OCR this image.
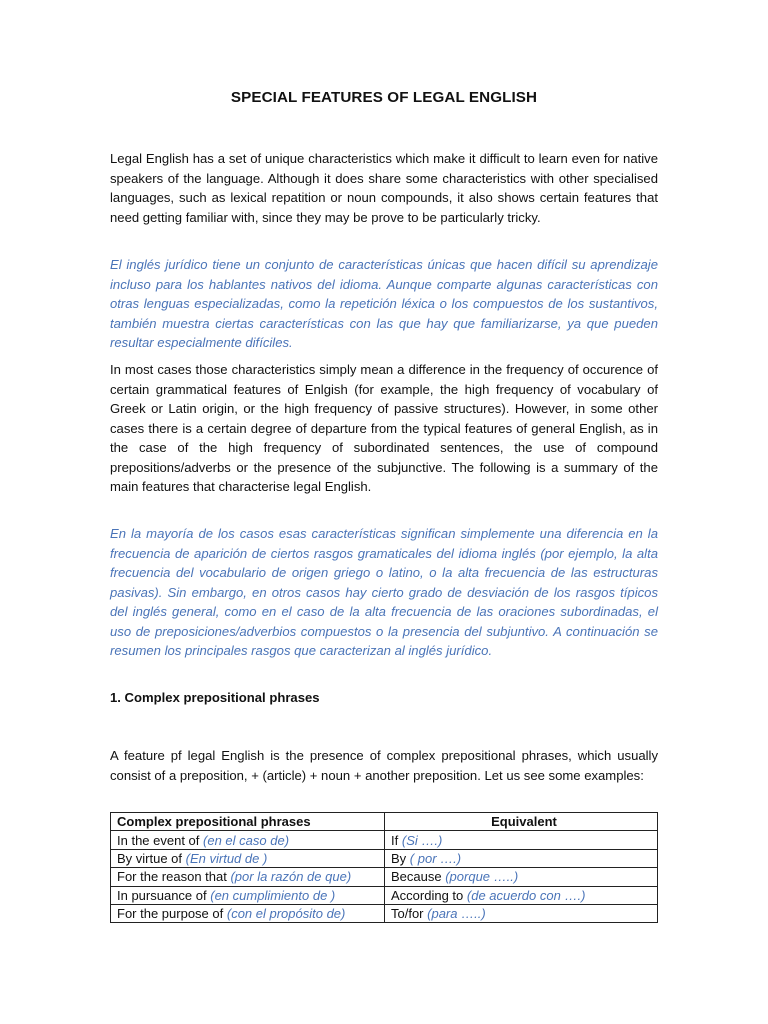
SPECIAL FEATURES OF LEGAL ENGLISH

Legal English has a set of unique characteristics which make it difficult to learn even for native speakers of the language. Although it does share some characteristics with other specialised languages, such as lexical repatition or noun compounds, it also shows certain features that need getting familiar with, since they may be prove to be particularly tricky.

El inglés jurídico tiene un conjunto de características únicas que hacen difícil su aprendizaje incluso para los hablantes nativos del idioma. Aunque comparte algunas características con otras lenguas especializadas, como la repetición léxica o los compuestos de los sustantivos, también muestra ciertas características con las que hay que familiarizarse, ya que pueden resultar especialmente difíciles.

In most cases those characteristics simply mean a difference in the frequency of occurence of certain grammatical features of Enlgish (for example, the high frequency of vocabulary of Greek or Latin origin, or the high frequency of passive structures). However, in some other cases there is a certain degree of departure from the typical features of general English, as in the case of the high frequency of subordinated sentences, the use of compound prepositions/adverbs or the presence of the subjunctive. The following is a summary of the main features that characterise legal English.

En la mayoría de los casos esas características significan simplemente una diferencia en la frecuencia de aparición de ciertos rasgos gramaticales del idioma inglés (por ejemplo, la alta frecuencia del vocabulario de origen griego o latino, o la alta frecuencia de las estructuras pasivas). Sin embargo, en otros casos hay cierto grado de desviación de los rasgos típicos del inglés general, como en el caso de la alta frecuencia de las oraciones subordinadas, el uso de preposiciones/adverbios compuestos o la presencia del subjuntivo. A continuación se resumen los principales rasgos que caracterizan al inglés jurídico.

1. Complex prepositional phrases

A feature pf legal English is the presence of complex prepositional phrases, which usually consist of a preposition, + (article) + noun + another preposition. Let us see some examples:

Complex prepositional phrases	Equivalent
In the event of (en el caso de)	If (Si ….)
By virtue of (En virtud de )	By ( por ….)
For the reason that (por la razón de que)	Because (porque …..)
In pursuance of (en cumplimiento de )	According to (de acuerdo con ….)
For the purpose of (con el propósito de)	To/for (para …..)
